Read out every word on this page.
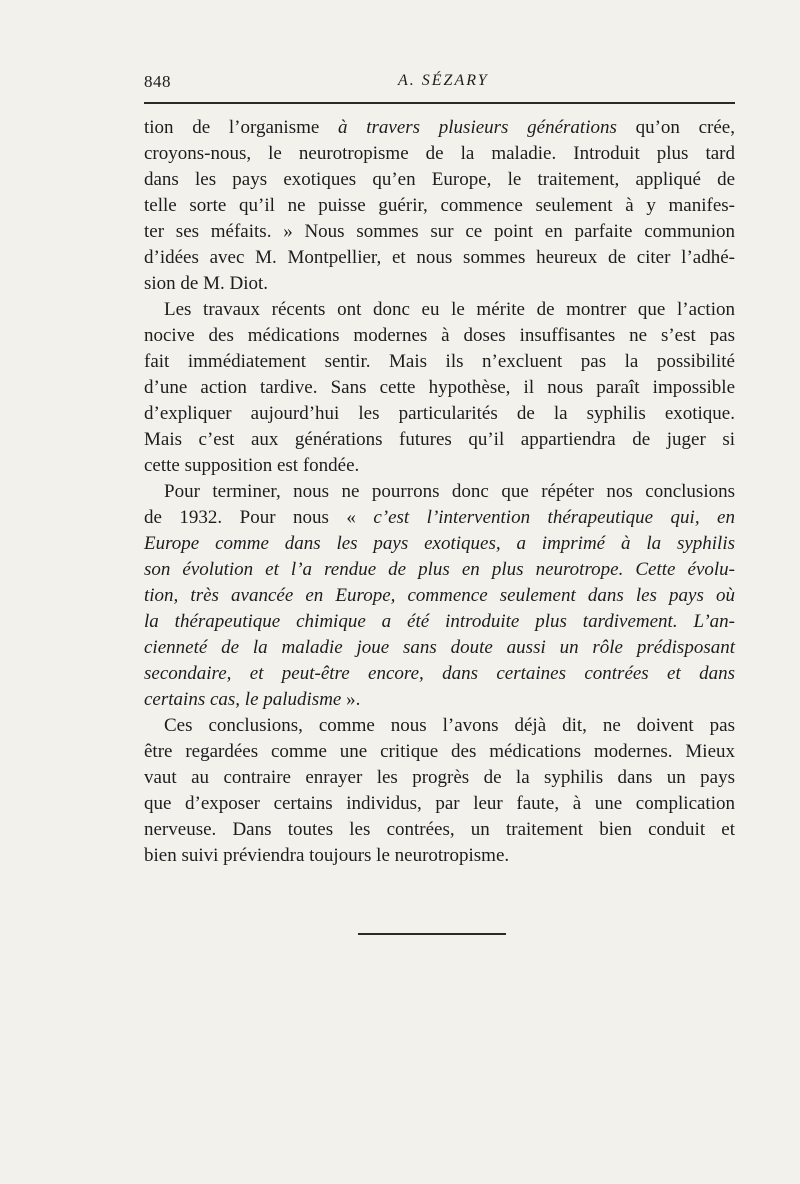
848	A. SÉZARY
tion de l’organisme à travers plusieurs générations qu’on crée,
croyons-nous, le neurotropisme de la maladie. Introduit plus tard
dans les pays exotiques qu’en Europe, le traitement, appliqué de
telle sorte qu’il ne puisse guérir, commence seulement à y manifes-
ter ses méfaits. » Nous sommes sur ce point en parfaite communion
d’idées avec M. Montpellier, et nous sommes heureux de citer l’adhé-
sion de M. Diot.
Les travaux récents ont donc eu le mérite de montrer que l’action
nocive des médications modernes à doses insuffisantes ne s’est pas
fait immédiatement sentir. Mais ils n’excluent pas la possibilité
d’une action tardive. Sans cette hypothèse, il nous paraît impossible
d’expliquer aujourd’hui les particularités de la syphilis exotique.
Mais c’est aux générations futures qu’il appartiendra de juger si
cette supposition est fondée.
Pour terminer, nous ne pourrons donc que répéter nos conclusions
de 1932. Pour nous « c’est l’intervention thérapeutique qui, en
Europe comme dans les pays exotiques, a imprimé à la syphilis
son évolution et l’a rendue de plus en plus neurotrope. Cette évolu-
tion, très avancée en Europe, commence seulement dans les pays où
la thérapeutique chimique a été introduite plus tardivement. L’an-
cienneté de la maladie joue sans doute aussi un rôle prédisposant
secondaire, et peut-être encore, dans certaines contrées et dans
certains cas, le paludisme ».
Ces conclusions, comme nous l’avons déjà dit, ne doivent pas
être regardées comme une critique des médications modernes. Mieux
vaut au contraire enrayer les progrès de la syphilis dans un pays
que d’exposer certains individus, par leur faute, à une complication
nerveuse. Dans toutes les contrées, un traitement bien conduit et
bien suivi préviendra toujours le neurotropisme.
